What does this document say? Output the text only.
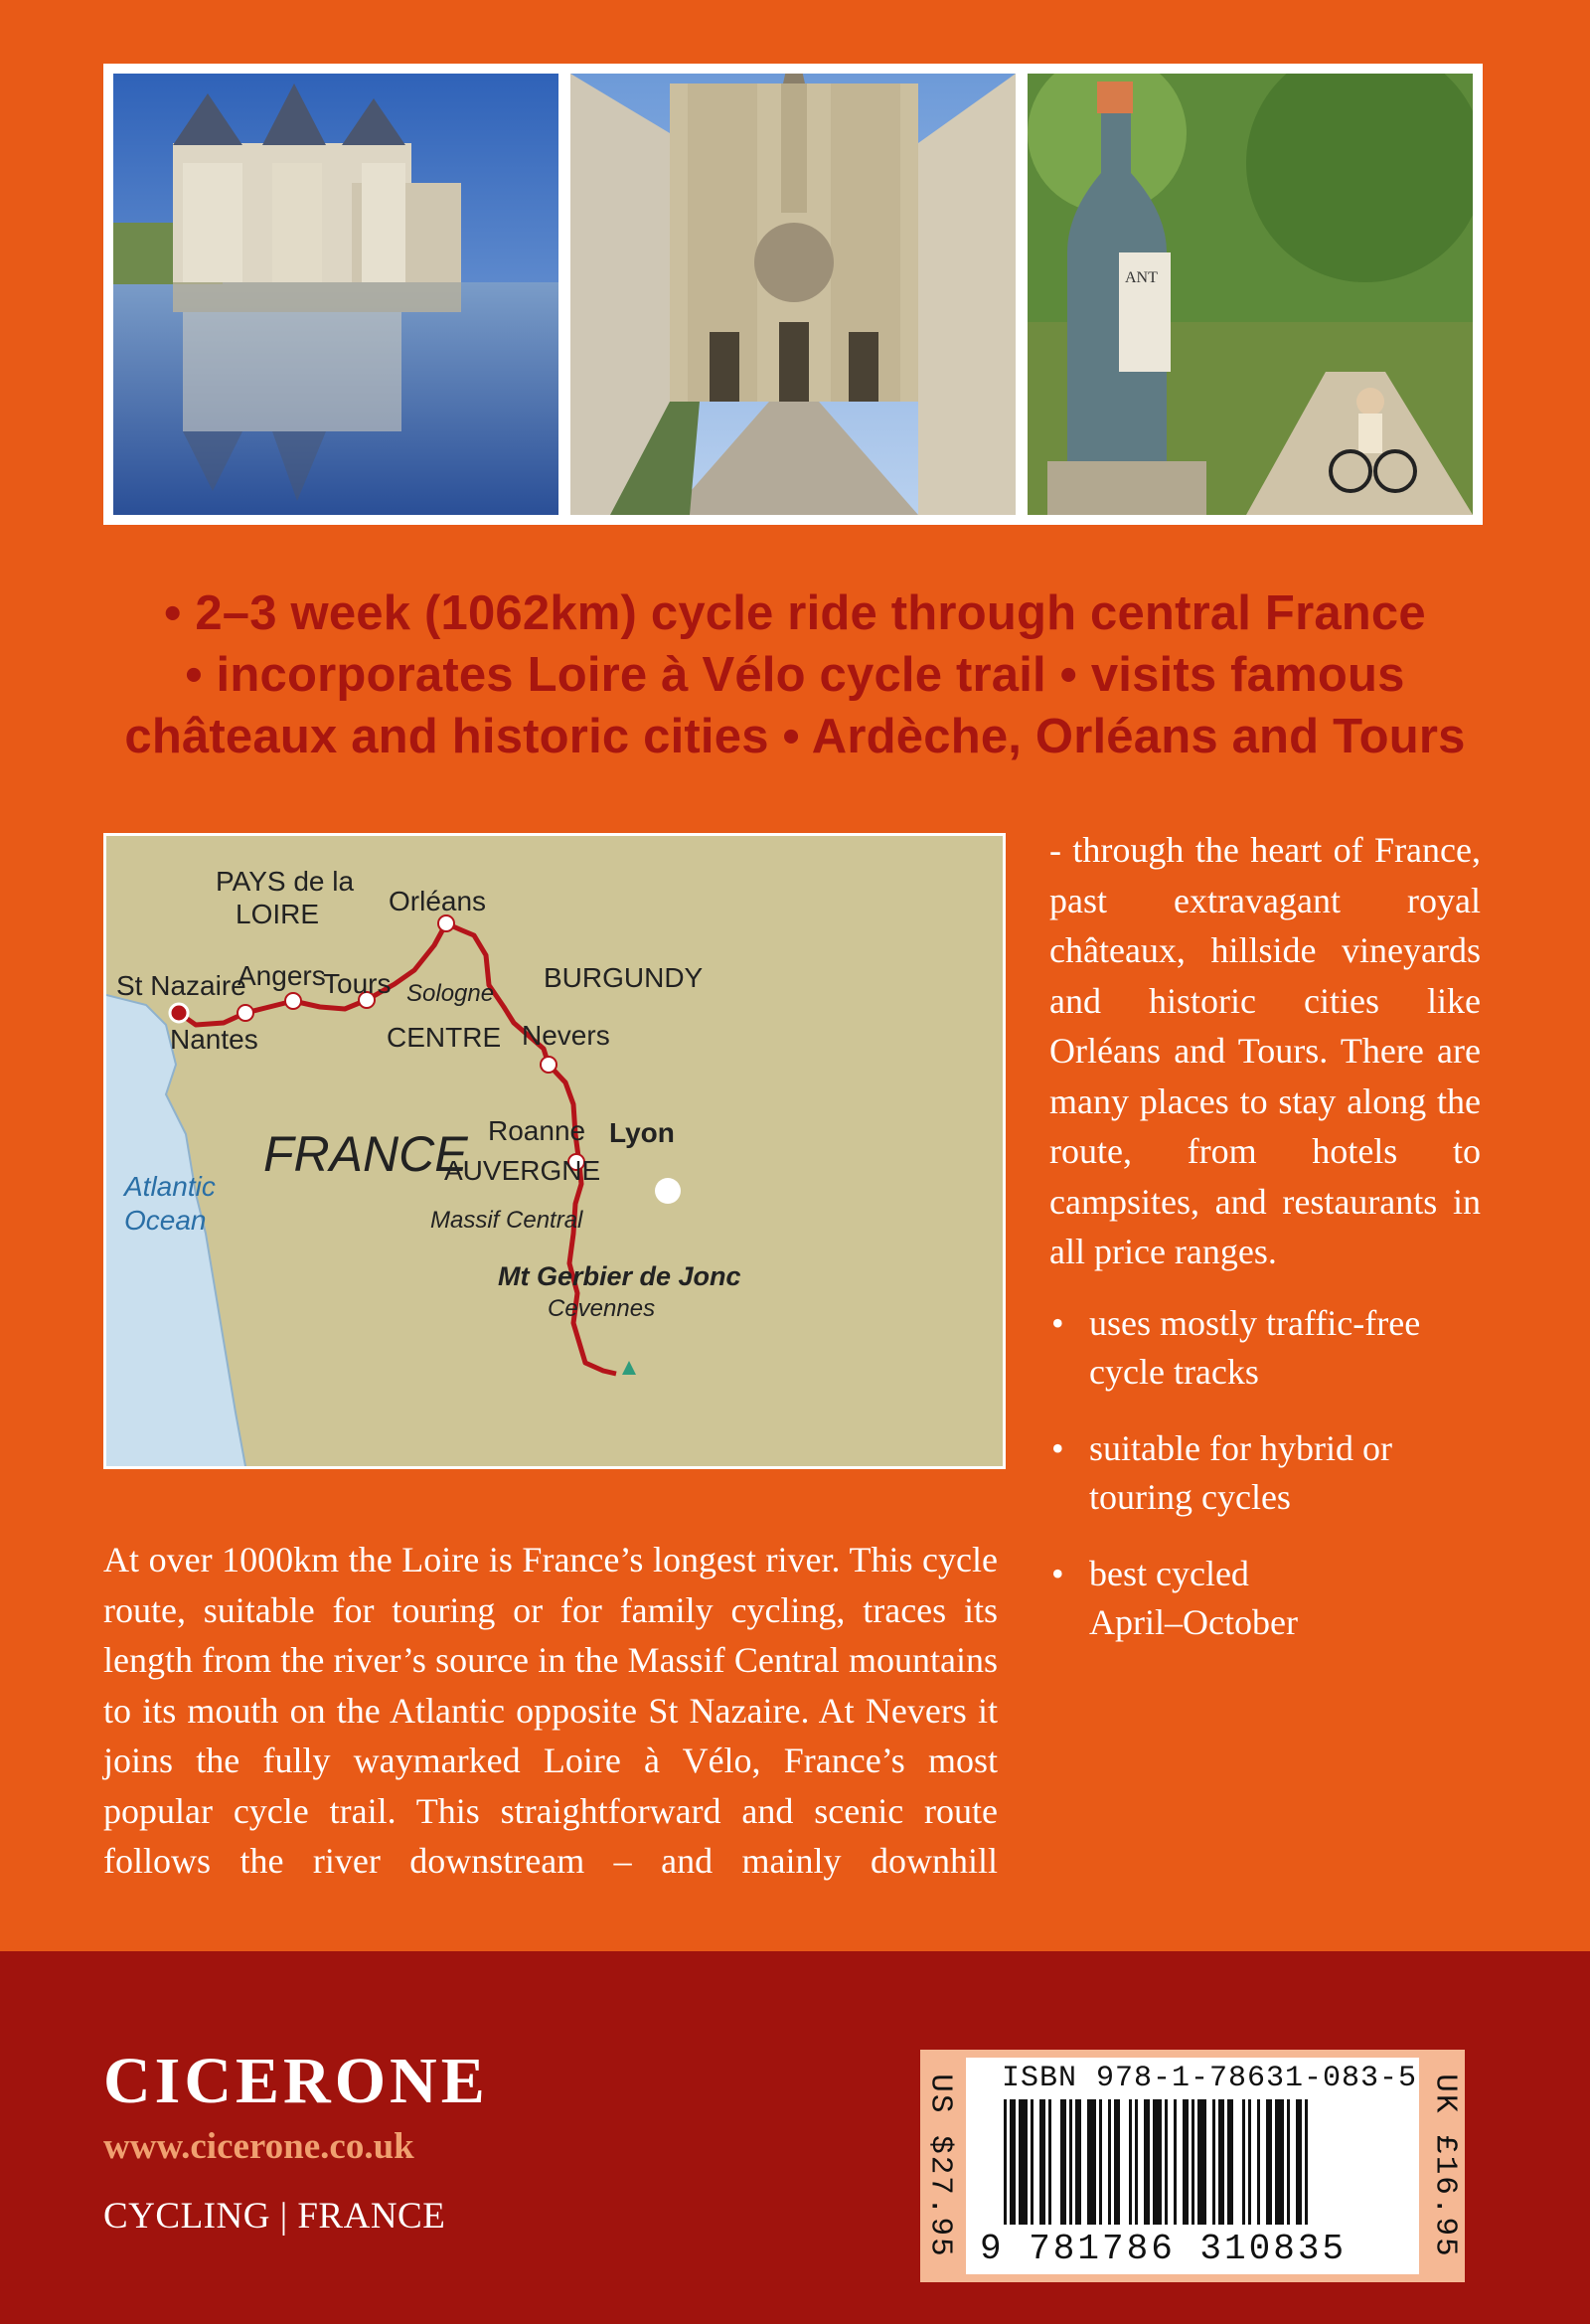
ANT
• 2–3 week (1062km) cycle ride through central France
• incorporates Loire à Vélo cycle trail • visits famous
châteaux and historic cities • Ardèche, Orléans and Tours
PAYS de la
LOIRE Orléans
St Nazaire
Angers
Tours	BURGUNDY
Nantes	CENTRE Nevers
Roanne
AUVERGNE
Lyon
Sologne
FRANCE
Massif Central
Mt Gerbier de Jonc
Cevennes
Atlantic
Ocean

- through the heart of France, past extravagant royal châteaux, hillside vineyards and historic cities like Orléans and Tours. There are many places to stay along the route, from hotels to campsites, and restaurants in all price ranges.

• uses mostly traffic-free
cycle tracks
• suitable for hybrid or
touring cycles
• best cycled
April–October

At over 1000km the Loire is France’s longest river. This cycle route, suitable for touring or for family cycling, traces its length from the river’s source in the Massif Central mountains to its mouth on the Atlantic opposite St Nazaire. At Nevers it joins the fully waymarked Loire à Vélo, France’s most popular cycle trail. This straightforward and scenic route follows the river downstream – and mainly downhill

CICERONE
www.cicerone.co.uk
CYCLING | FRANCE	US $27.95	UK £16.95
ISBN 978-1-78631-083-5
9 781786 310835
